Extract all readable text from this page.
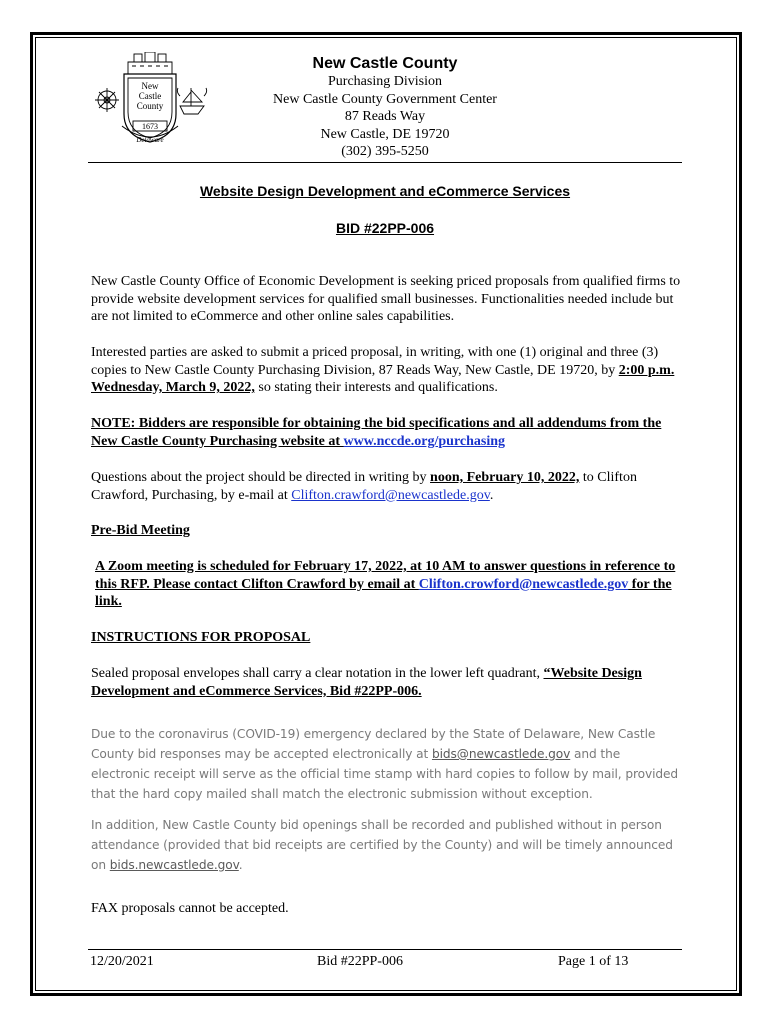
New
Castle
County
1673
Delaware
New Castle County
Purchasing Division
New Castle County Government Center
87 Reads Way
New Castle, DE 19720
(302) 395-5250
Website Design Development and eCommerce Services
BID #22PP-006
New Castle County Office of Economic Development is seeking priced proposals from qualified firms to provide website development services for qualified small businesses. Functionalities needed include but are not limited to eCommerce and other online sales capabilities.
Interested parties are asked to submit a priced proposal, in writing, with one (1) original and three (3) copies to New Castle County Purchasing Division, 87 Reads Way, New Castle, DE 19720, by 2:00 p.m. Wednesday, March 9, 2022, so stating their interests and qualifications.
NOTE: Bidders are responsible for obtaining the bid specifications and all addendums from the New Castle County Purchasing website at www.nccde.org/purchasing
Questions about the project should be directed in writing by noon, February 10, 2022, to Clifton Crawford, Purchasing, by e-mail at Clifton.crawford@newcastlede.gov.
Pre-Bid Meeting
A Zoom meeting is scheduled for February 17, 2022, at 10 AM to answer questions in reference to this RFP. Please contact Clifton Crawford by email at Clifton.crowford@newcastlede.gov for the link.
INSTRUCTIONS FOR PROPOSAL
Sealed proposal envelopes shall carry a clear notation in the lower left quadrant, “Website Design Development and eCommerce Services, Bid #22PP-006.
Due to the coronavirus (COVID-19) emergency declared by the State of Delaware, New Castle County bid responses may be accepted electronically at bids@newcastlede.gov and the electronic receipt will serve as the official time stamp with hard copies to follow by mail, provided that the hard copy mailed shall match the electronic submission without exception.
In addition, New Castle County bid openings shall be recorded and published without in person attendance (provided that bid receipts are certified by the County) and will be timely announced on bids.newcastlede.gov.
FAX proposals cannot be accepted.
12/20/2021	Bid #22PP-006	Page 1 of 13
